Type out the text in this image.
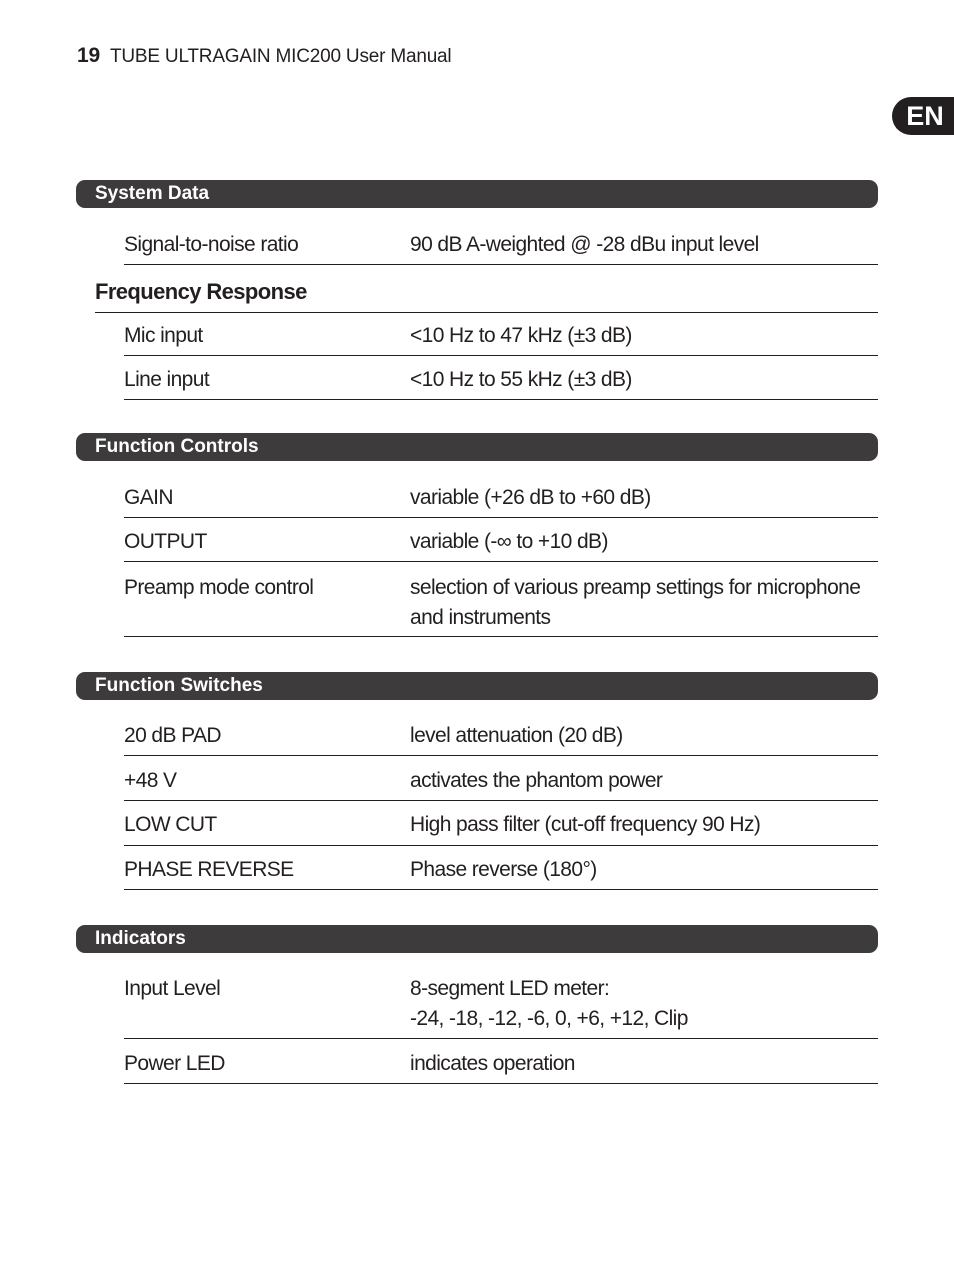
19 TUBE ULTRAGAIN MIC200 User Manual
EN
System Data
Signal-to-noise ratio	90 dB A-weighted @ -28 dBu input level
Frequency Response
Mic input	<10 Hz to 47 kHz (±3 dB)
Line input	<10 Hz to 55 kHz (±3 dB)
Function Controls
GAIN	variable (+26 dB to +60 dB)
OUTPUT	variable (-∞ to +10 dB)
Preamp mode control	selection of various preamp settings for microphone
and instruments
Function Switches
20 dB PAD	level attenuation (20 dB)
+48 V	activates the phantom power
LOW CUT	High pass filter (cut-off frequency 90 Hz)
PHASE REVERSE	Phase reverse (180°)
Indicators
Input Level	8-segment LED meter:
-24, -18, -12, -6, 0, +6, +12, Clip
Power LED	indicates operation
